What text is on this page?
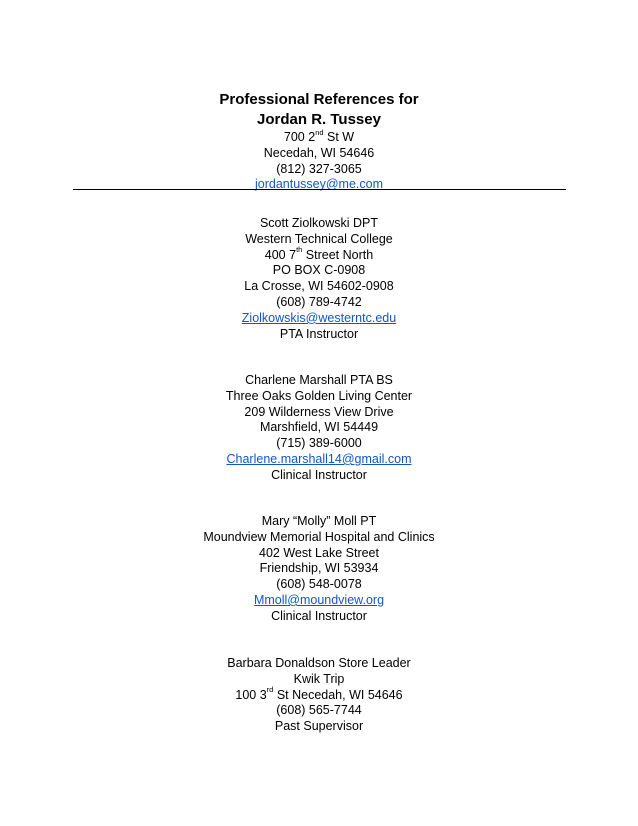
Professional References for
Jordan R. Tussey
700 2nd St W
Necedah, WI 54646
(812) 327-3065
jordantussey@me.com
Scott Ziolkowski DPT
Western Technical College
400 7th Street North
PO BOX C-0908
La Crosse, WI 54602-0908
(608) 789-4742
Ziolkowskis@westerntc.edu
PTA Instructor
Charlene Marshall PTA BS
Three Oaks Golden Living Center
209 Wilderness View Drive
Marshfield, WI 54449
(715) 389-6000
Charlene.marshall14@gmail.com
Clinical Instructor
Mary “Molly” Moll PT
Moundview Memorial Hospital and Clinics
402 West Lake Street
Friendship, WI 53934
(608) 548-0078
Mmoll@moundview.org
Clinical Instructor
Barbara Donaldson Store Leader
Kwik Trip
100 3rd St Necedah, WI 54646
(608) 565-7744
Past Supervisor
